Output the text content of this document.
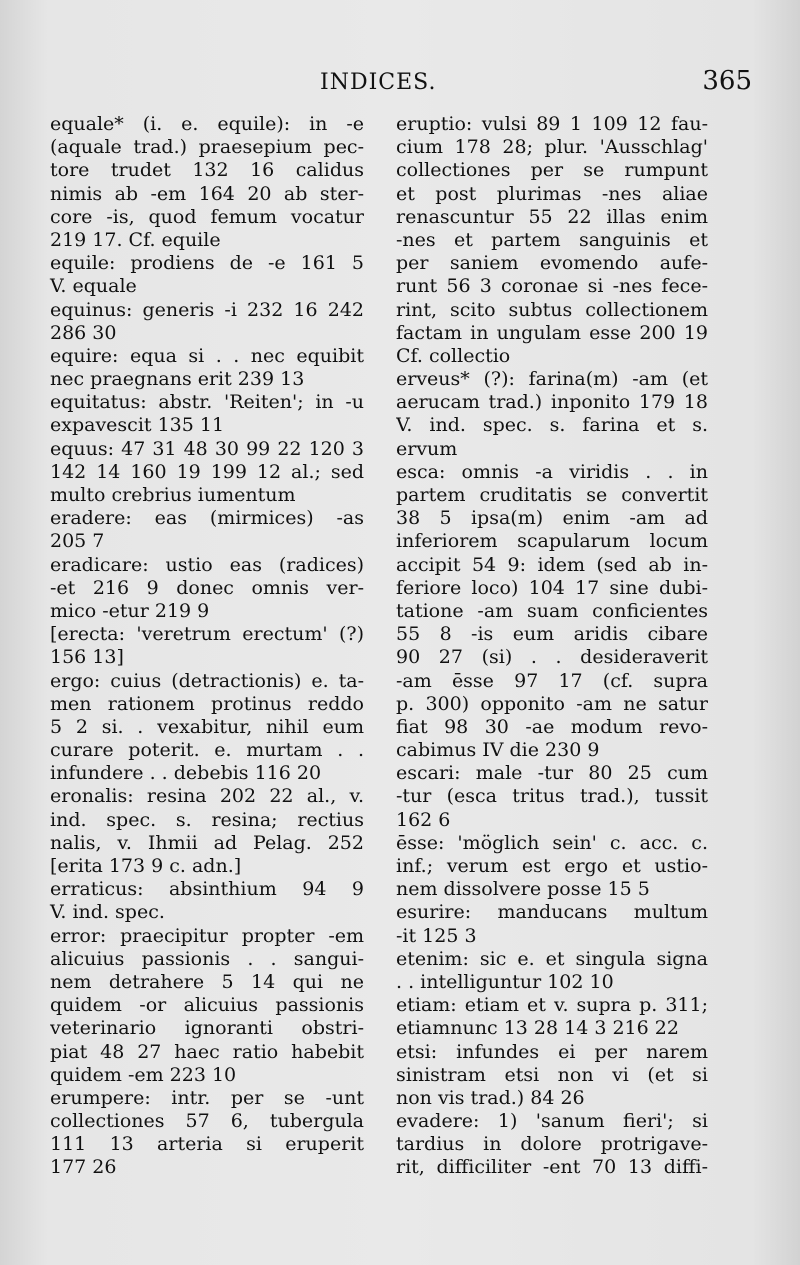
INDICES.	365
equale* (i. e. equile): in -e
(aquale trad.) praesepium pec-
tore trudet 132 16 calidus
nimis ab -em 164 20 ab ster-
core -is, quod femum vocatur
219 17. Cf. equile
equile: prodiens de -e 161 5
V. equale
equinus: generis -i 232 16 242
286 30
equire: equa si . . nec equibit
nec praegnans erit 239 13
equitatus: abstr. 'Reiten'; in -u
expavescit 135 11
equus: 47 31 48 30 99 22 120 3
142 14 160 19 199 12 al.; sed
multo crebrius iumentum
eradere: eas (mirmices) -as
205 7
eradicare: ustio eas (radices)
-et 216 9 donec omnis ver-
mico -etur 219 9
[erecta: 'veretrum erectum' (?)
156 13]
ergo: cuius (detractionis) e. ta-
men rationem protinus reddo
5 2 si. . vexabitur, nihil eum
curare poterit. e. murtam . .
infundere . . debebis 116 20
eronalis: resina 202 22 al., v.
ind. spec. s. resina; rectius
nalis, v. Ihmii ad Pelag. 252
[erita 173 9 c. adn.]
erraticus: absinthium 94 9
V. ind. spec.
error: praecipitur propter -em
alicuius passionis . . sangui-
nem detrahere 5 14 qui ne
quidem -or alicuius passionis
veterinario ignoranti obstri-
piat 48 27 haec ratio habebit
quidem -em 223 10
erumpere: intr. per se -unt
collectiones 57 6, tubergula
111 13 arteria si eruperit
177 26
eruptio: vulsi 89 1 109 12 fau-
cium 178 28; plur. 'Ausschlag'
collectiones per se rumpunt
et post plurimas -nes aliae
renascuntur 55 22 illas enim
-nes et partem sanguinis et
per saniem evomendo aufe-
runt 56 3 coronae si -nes fece-
rint, scito subtus collectionem
factam in ungulam esse 200 19
Cf. collectio
erveus* (?): farina(m) -am (et
aerucam trad.) inponito 179 18
V. ind. spec. s. farina et s.
ervum
esca: omnis -a viridis . . in
partem cruditatis se convertit
38 5 ipsa(m) enim -am ad
inferiorem scapularum locum
accipit 54 9: idem (sed ab in-
feriore loco) 104 17 sine dubi-
tatione -am suam conficientes
55 8 -is eum aridis cibare
90 27 (si) . . desideraverit
-am ēsse 97 17 (cf. supra
p. 300) opponito -am ne satur
fiat 98 30 -ae modum revo-
cabimus IV die 230 9
escari: male -tur 80 25 cum
-tur (esca tritus trad.), tussit
162 6
ēsse: 'möglich sein' c. acc. c.
inf.; verum est ergo et ustio-
nem dissolvere posse 15 5
esurire: manducans multum
-it 125 3
etenim: sic e. et singula signa
. . intelliguntur 102 10
etiam: etiam et v. supra p. 311;
etiamnunc 13 28 14 3 216 22
etsi: infundes ei per narem
sinistram etsi non vi (et si
non vis trad.) 84 26
evadere: 1) 'sanum fieri'; si
tardius in dolore protrigave-
rit, difficiliter -ent 70 13 diffi-
